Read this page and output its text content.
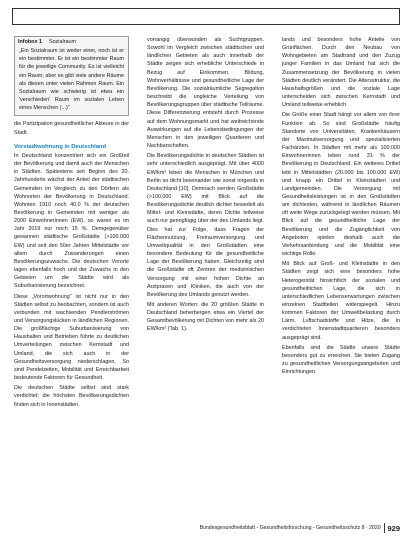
Infobox 1 Sozialraum

„Ein Sozialraum ist weder einer, noch ist er ein bestimmter. Er ist ein bestimmter Raum für die jeweilige Community. Es ist vielleicht ein Raum; aber es gibt viele andere Räume als diesen unter vielen Rahmen Raum. Ein Sozialraum wie schwierig ist etwa ein 'verschieden' Raum im sozialen Leben eines Menschen (...)“

die Partizipation gesundheitlicher Akteure in der Stadt.

Vorstadtwohnung in Deutschland

In Deutschland konzentriert sich ein Großteil der Bevölkerung und damit auch der Menschen in Städten. Spätestens seit Beginn des 20. Jahrhunderts wächst der Anteil der städtischen Gemeinden im Vergleich zu den Dörfern als Wohnorten der Bevölkerung in Deutschland. Wohnten 1910 noch 40,0 % der deutschen Bevölkerung in Gemeinden mit weniger als 2000 Einwohnerinnen (EW), so waren es im Jahr 2019 nur noch 15 %. Demgegenüber gewannen städtische Großstädte (>100.000 EW) und seit den 50er Jahren Mittelstädte vor allem durch Zuwanderungen einen Bevölkerungszuwachs. Die deutschen Vororte lagen ebenfalls hoch und der Zuwachs in den Gebieten um die Städte wird als Suburbanisierung bezeichnet.

Diese „Vorortwohnung“ ist nicht nur in den Städten selbst zu beobachten, sondern ist auch verbunden mit wachsenden Pendlerströmen und Versorgungslücken in ländlichen Regionen. Die großflächige Suburbanisierung von Haushalten und Betrieben führte zu deutlichen Umverteilungen zwischen Kernstadt und Umland, die sich auch in der Gesundheitsversorgung niederschlagen. So sind Pendelzeiten, Mobilität und Erreichbarkeit bedeutende Faktoren für Gesundheit.

Die deutschen Städte selbst sind stark verdichtet; die höchsten Bevölkerungsdichten finden sich in Innenstädten.

vorrangig überwunden als Suchtgruppen. Sowohl im Vergleich zwischen städtischen und ländlichen Gebieten als auch innerhalb der Städte zeigen sich erhebliche Unterschiede in Bezug auf Einkommen, Bildung, Wohnverhältnisse und gesundheitliche Lage der Bevölkerung. Die sozialräumliche Segregation beschreibt die ungleiche Verteilung von Bevölkerungsgruppen über städtische Teilräume. Diese Differenzierung entsteht durch Prozesse auf dem Wohnungsmarkt und hat weitreichende Auswirkungen auf die Lebensbedingungen der Menschen in den jeweiligen Quartieren und Nachbarschaften.

Die Bevölkerungsdichte in deutschen Städten ist sehr unterschiedlich ausgeprägt. Mit über 4000 EW/km² leben die Menschen in München und Berlin so dicht beieinander wie sonst nirgends in Deutschland [10]. Demnach werden Großstädte (>100.000 EW) mit Blick auf die Bevölkerungsdichte deutlich dichter besiedelt als Mittel- und Kleinstädte, deren Dichte teilweise auch nur geringfügig über der des Umlands liegt. Dies hat zur Folge, dass Fragen der Flächennutzung, Freiraumversorgung und Umweltqualität in den Großstädten eine besondere Bedeutung für die gesundheitliche Lage der Bevölkerung haben. Gleichzeitig sind die Großstädte oft Zentren der medizinischen Versorgung mit einer hohen Dichte an Arztpraxen und Kliniken, die auch von der Bevölkerung des Umlands genutzt werden.

Mit anderen Worten: die 20 größten Städte in Deutschland beherbergen etwa ein Viertel der Gesamtbevölkerung mit Dichten von mehr als 20 EW/km² (Tab. 1).

lands und besonders hohe Anteile von Grünflächen. Durch den Neubau von Wohngebieten am Stadtrand und den Zuzug junger Familien in das Umland hat sich die Zusammensetzung der Bevölkerung in vielen Städten deutlich verändert. Die Altersstruktur, die Haushaltsgrößen und die soziale Lage unterscheiden sich zwischen Kernstadt und Umland teilweise erheblich.

Die Größe einer Stadt hängt vor allem von ihrer Funktion ab. So sind Großstädte häufig Standorte von Universitäten, Krankenhäusern der Maximalversorgung und spezialisierten Fachärzten. In Städten mit mehr als 100.000 Einwohnerinnen leben rund 31 % der Bevölkerung in Deutschland. Ein weiteres Drittel lebt in Mittelstädten (20.000 bis 100.000 EW) und knapp ein Drittel in Kleinstädten und Landgemeinden. Die Versorgung mit Gesundheitsleistungen ist in den Großstädten am dichtesten, während in ländlichen Räumen oft weite Wege zurückgelegt werden müssen. Mit Blick auf die gesundheitliche Lage der Bevölkerung und die Zugänglichkeit von Angeboten spielen deshalb auch die Verkehrsanbindung und die Mobilität eine wichtige Rolle.

Mit Blick auf Groß- und Kleinstädte in den Städten zeigt sich eine besonders hohe Heterogenität hinsichtlich der sozialen und gesundheitlichen Lage, die sich in unterschiedlichen Lebenserwartungen zwischen einzelnen Stadtteilen widerspiegelt. Hinzu kommen Faktoren der Umweltbelastung durch Lärm, Luftschadstoffe und Hitze, die in verdichteten Innenstadtquartieren besonders ausgeprägt sind.

Ebenfalls sind die Städte unsere Städte besonders gut zu erreichen. Sie bieten Zugang zu gesundheitlichen Versorgungsangeboten und Einrichtungen.

Bundesgesundheitsblatt - Gesundheitsforschung - Gesundheitsschutz 8 · 2020 929
